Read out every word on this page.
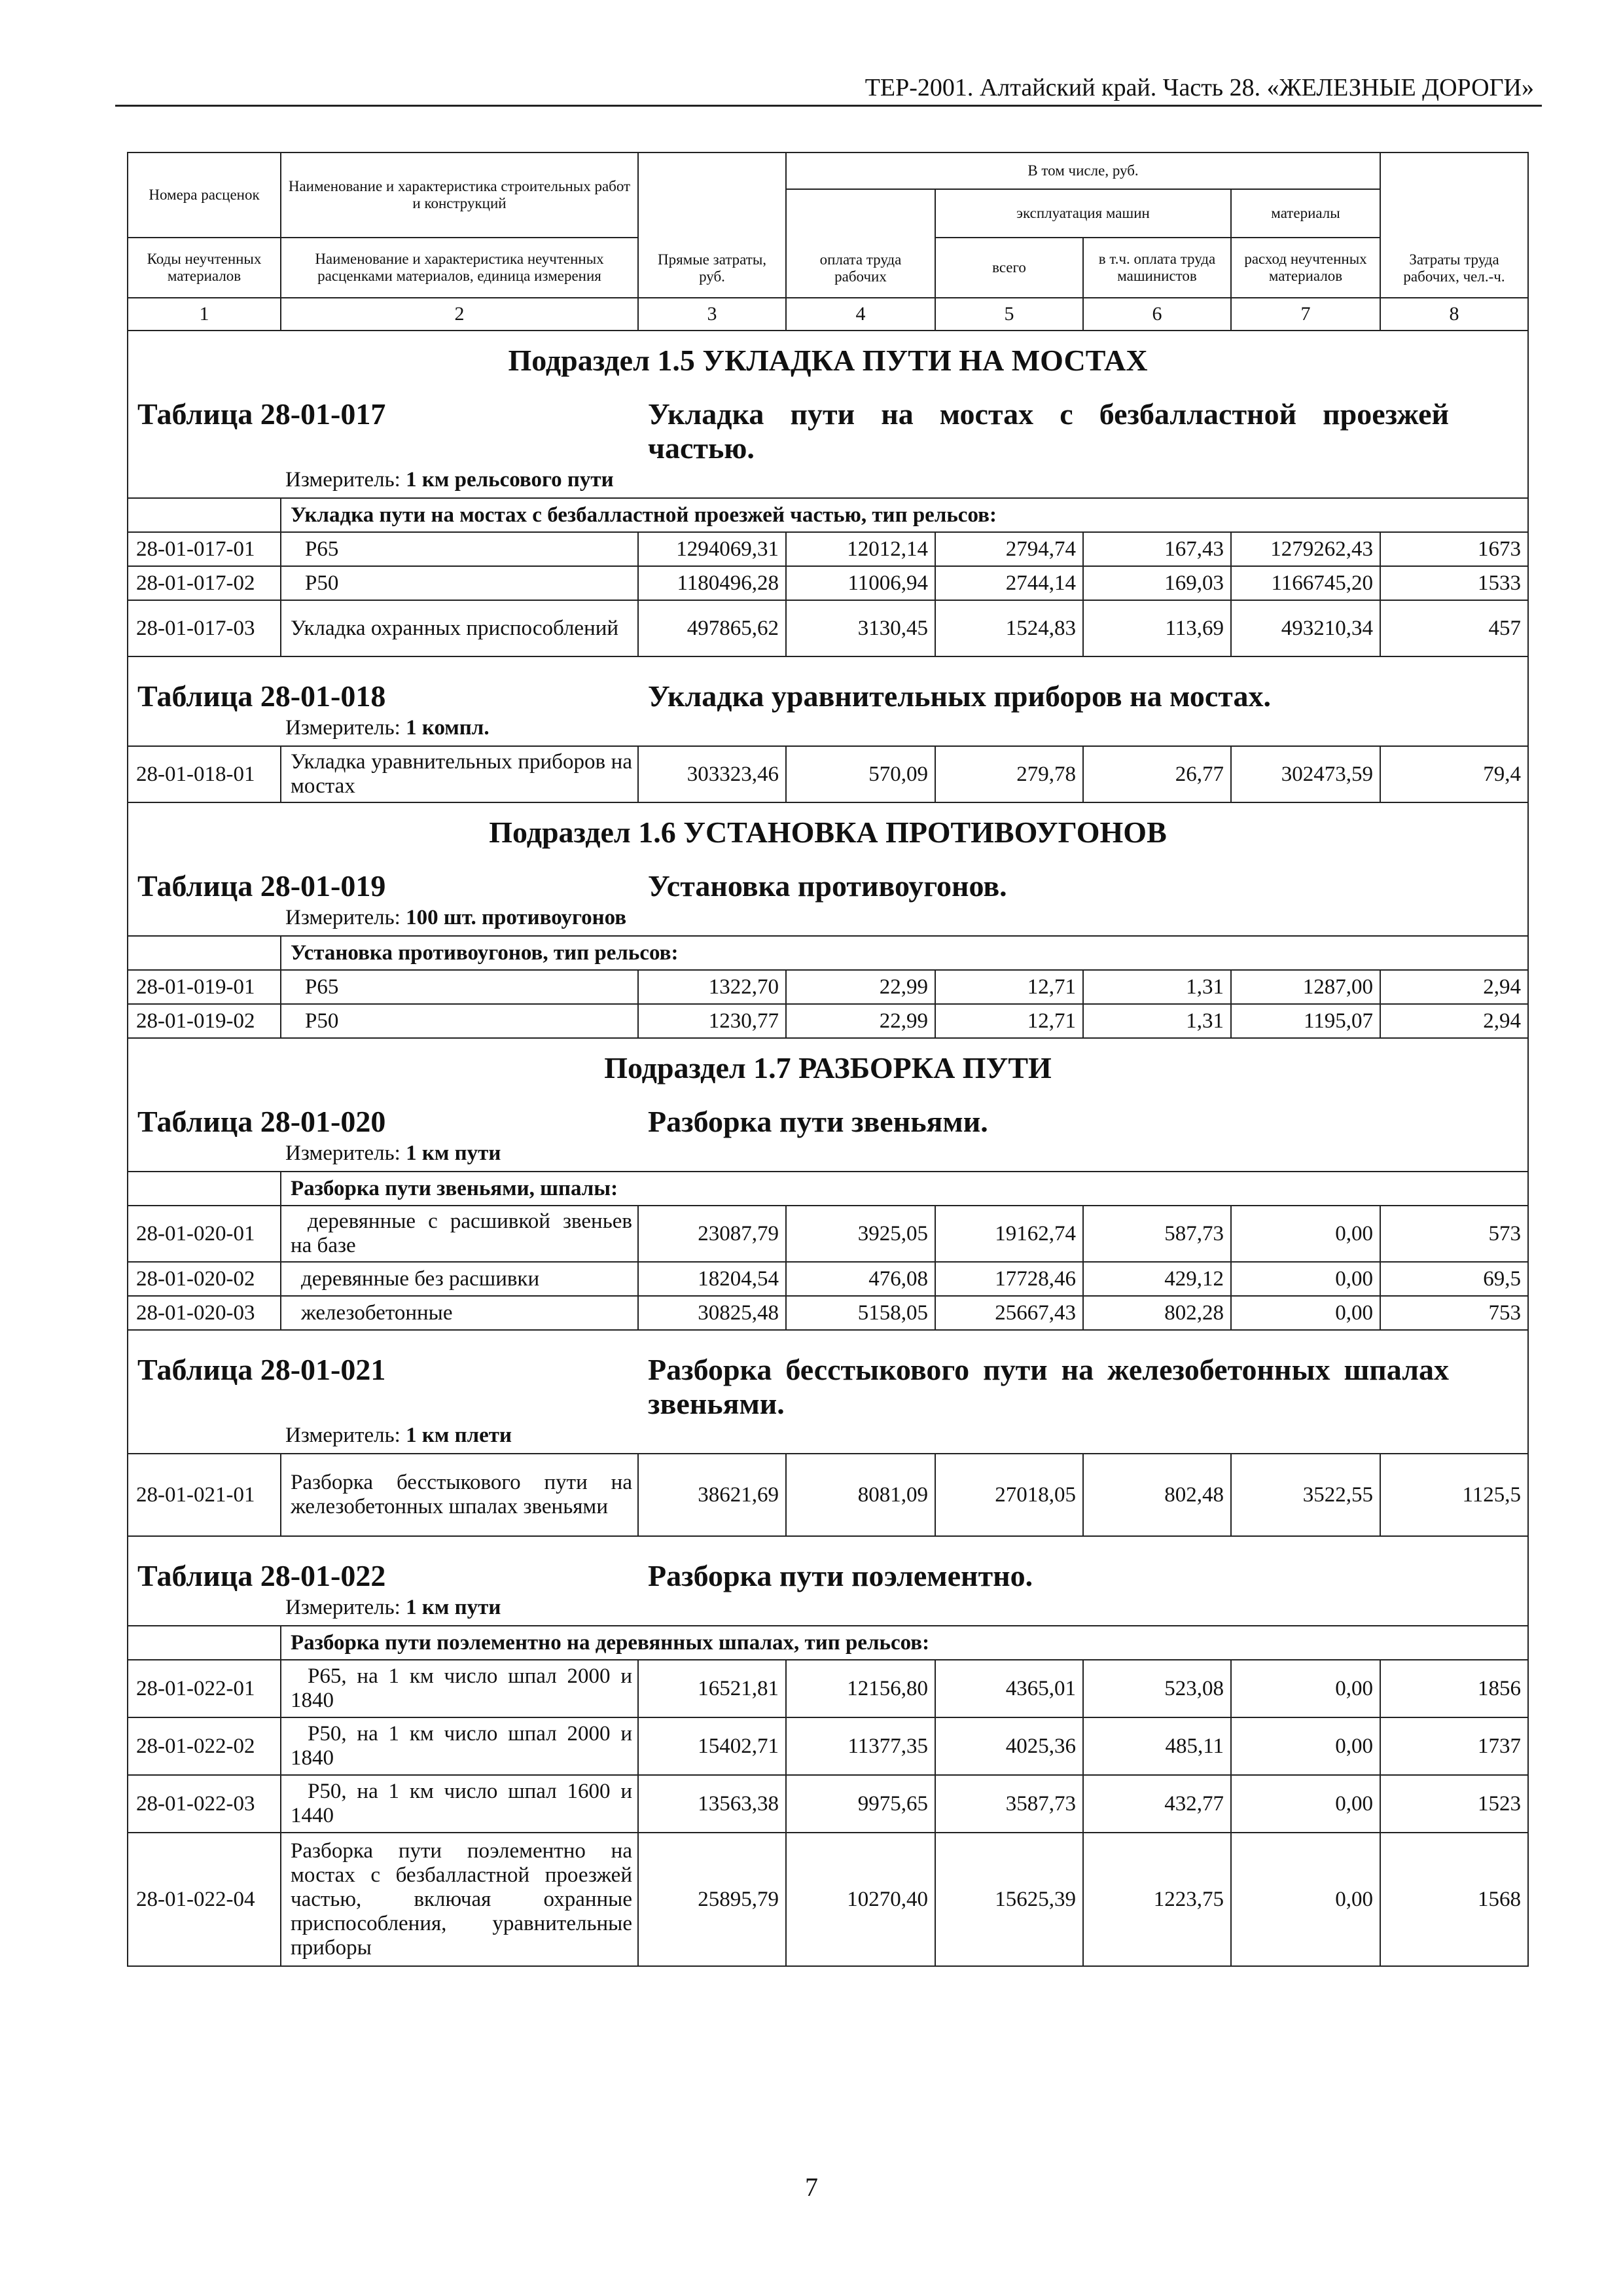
ТЕР-2001. Алтайский край. Часть 28. «ЖЕЛЕЗНЫЕ ДОРОГИ»
Номера расценок	Наименование и характеристика строительных работ и конструкций	Прямые затраты, руб.	В том числе, руб.				Затраты труда рабочих, чел.-ч.
			оплата труда рабочих	эксплуатация машин		материалы	
Коды неучтенных материалов	Наименование и характеристика неучтенных расценками материалов, единица измерения			всего	в т.ч. оплата труда машинистов	расход неучтенных материалов	
1	2	3	4	5	6	7	8

Подраздел 1.5 УКЛАДКА ПУТИ НА МОСТАХ
Таблица 28-01-017 Укладка пути на мостах с безбалластной проезжей частью.
Измеритель: 1 км рельсового пути							

	Укладка пути на мостах с безбалластной проезжей частью, тип рельсов:						
28-01-017-01	Р65	1294069,31	12012,14	2794,74	167,43	1279262,43	1673
28-01-017-02	Р50	1180496,28	11006,94	2744,14	169,03	1166745,20	1533
28-01-017-03	Укладка охранных приспособлений	497865,62	3130,45	1524,83	113,69	493210,34	457

Таблица 28-01-018 Укладка уравнительных приборов на мостах.
Измеритель: 1 компл.							

28-01-018-01	Укладка уравнительных приборов на мостах	303323,46	570,09	279,78	26,77	302473,59	79,4

Подраздел 1.6 УСТАНОВКА ПРОТИВОУГОНОВ
Таблица 28-01-019 Установка противоугонов.
Измеритель: 100 шт. противоугонов							

	Установка противоугонов, тип рельсов:						
28-01-019-01	Р65	1322,70	22,99	12,71	1,31	1287,00	2,94
28-01-019-02	Р50	1230,77	22,99	12,71	1,31	1195,07	2,94

Подраздел 1.7 РАЗБОРКА ПУТИ
Таблица 28-01-020 Разборка пути звеньями.
Измеритель: 1 км пути							

	Разборка пути звеньями, шпалы:						
28-01-020-01	деревянные с расшивкой звеньев на базе	23087,79	3925,05	19162,74	587,73	0,00	573
28-01-020-02	деревянные без расшивки	18204,54	476,08	17728,46	429,12	0,00	69,5
28-01-020-03	железобетонные	30825,48	5158,05	25667,43	802,28	0,00	753

Таблица 28-01-021 Разборка бесстыкового пути на железобетонных шпалах звеньями.
Измеритель: 1 км плети							

28-01-021-01	Разборка бесстыкового пути на железобетонных шпалах звеньями	38621,69	8081,09	27018,05	802,48	3522,55	1125,5

Таблица 28-01-022 Разборка пути поэлементно.
Измеритель: 1 км пути							

	Разборка пути поэлементно на деревянных шпалах, тип рельсов:						
28-01-022-01	Р65, на 1 км число шпал 2000 и 1840	16521,81	12156,80	4365,01	523,08	0,00	1856
28-01-022-02	Р50, на 1 км число шпал 2000 и 1840	15402,71	11377,35	4025,36	485,11	0,00	1737
28-01-022-03	Р50, на 1 км число шпал 1600 и 1440	13563,38	9975,65	3587,73	432,77	0,00	1523
28-01-022-04	Разборка пути поэлементно на мостах с безбалластной проезжей частью, включая охранные приспособления, уравнительные приборы	25895,79	10270,40	15625,39	1223,75	0,00	1568
7
